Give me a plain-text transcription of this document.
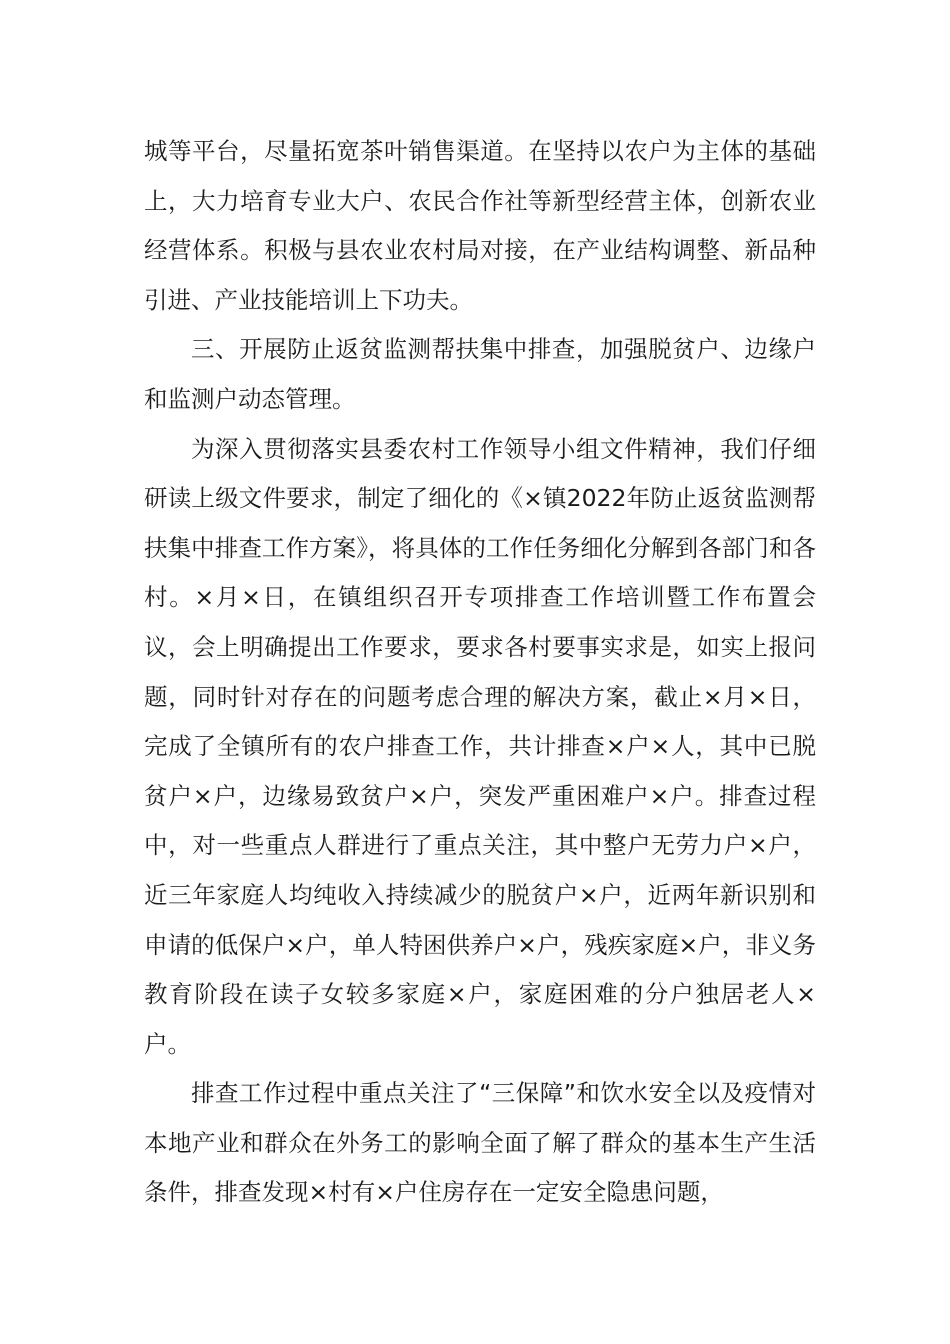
城等平台，尽量拓宽茶叶销售渠道。在坚持以农户为主体的基础上，大力培育专业大户、农民合作社等新型经营主体，创新农业经营体系。积极与县农业农村局对接，在产业结构调整、新品种引进、产业技能培训上下功夫。

三、开展防止返贫监测帮扶集中排查，加强脱贫户、边缘户和监测户动态管理。

为深入贯彻落实县委农村工作领导小组文件精神，我们仔细研读上级文件要求，制定了细化的《×镇2022年防止返贫监测帮扶集中排查工作方案》，将具体的工作任务细化分解到各部门和各村。×月×日，在镇组织召开专项排查工作培训暨工作布置会议，会上明确提出工作要求，要求各村要事实求是，如实上报问题，同时针对存在的问题考虑合理的解决方案，截止×月×日，完成了全镇所有的农户排查工作，共计排查×户×人，其中已脱贫户×户，边缘易致贫户×户，突发严重困难户×户。排查过程中，对一些重点人群进行了重点关注，其中整户无劳力户×户，近三年家庭人均纯收入持续减少的脱贫户×户，近两年新识别和申请的低保户×户，单人特困供养户×户，残疾家庭×户，非义务教育阶段在读子女较多家庭×户，家庭困难的分户独居老人×户。

排查工作过程中重点关注了“三保障”和饮水安全以及疫情对本地产业和群众在外务工的影响全面了解了群众的基本生产生活条件，排查发现×村有×户住房存在一定安全隐患问题，
